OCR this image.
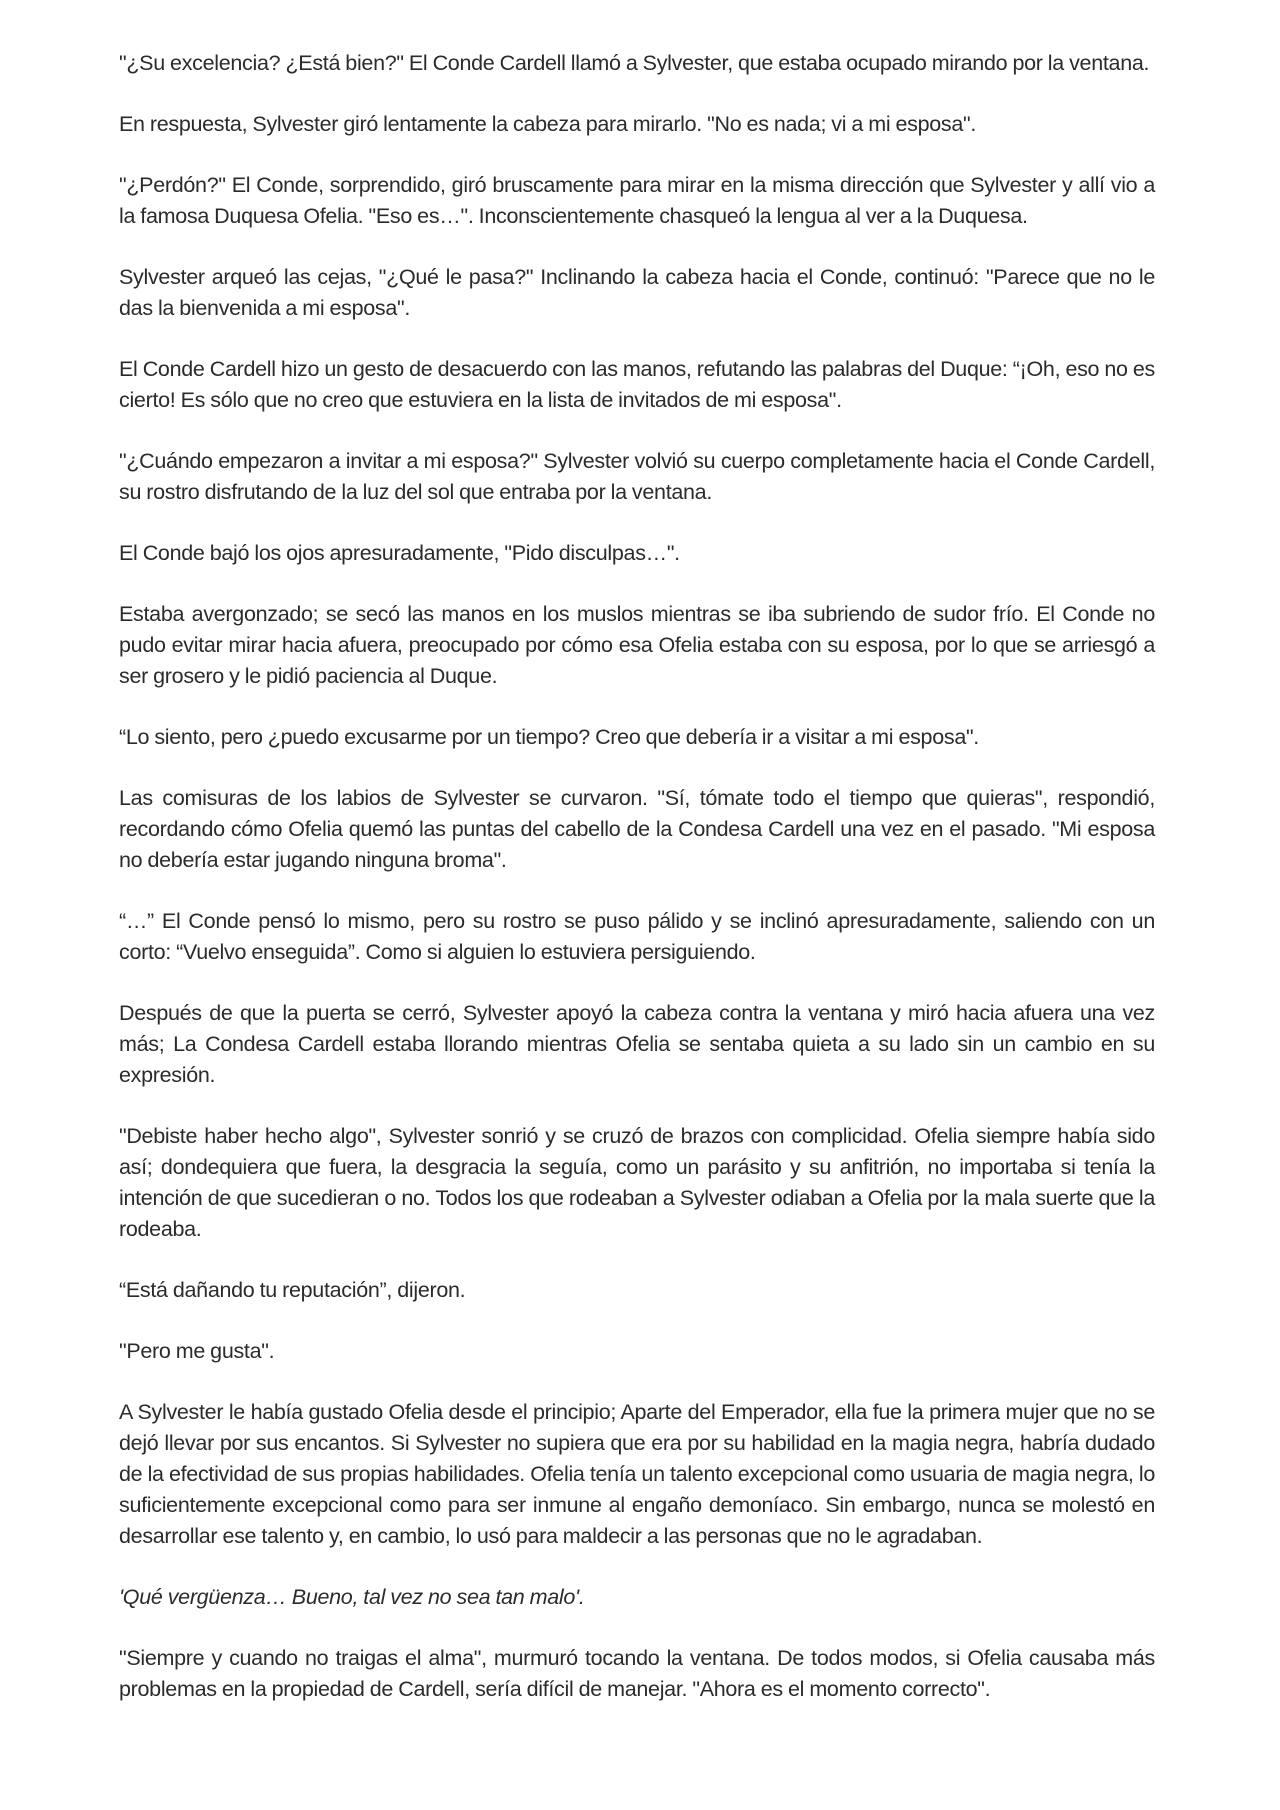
"¿Su excelencia? ¿Está bien?" El Conde Cardell llamó a Sylvester, que estaba ocupado mirando por la ventana.

En respuesta, Sylvester giró lentamente la cabeza para mirarlo. "No es nada; vi a mi esposa".

"¿Perdón?" El Conde, sorprendido, giró bruscamente para mirar en la misma dirección que Sylvester y allí vio a la famosa Duquesa Ofelia. "Eso es…". Inconscientemente chasqueó la lengua al ver a la Duquesa.

Sylvester arqueó las cejas, "¿Qué le pasa?" Inclinando la cabeza hacia el Conde, continuó: "Parece que no le das la bienvenida a mi esposa".

El Conde Cardell hizo un gesto de desacuerdo con las manos, refutando las palabras del Duque: “¡Oh, eso no es cierto! Es sólo que no creo que estuviera en la lista de invitados de mi esposa".

"¿Cuándo empezaron a invitar a mi esposa?" Sylvester volvió su cuerpo completamente hacia el Conde Cardell, su rostro disfrutando de la luz del sol que entraba por la ventana.

El Conde bajó los ojos apresuradamente, "Pido disculpas…".

Estaba avergonzado; se secó las manos en los muslos mientras se iba subriendo de sudor frío. El Conde no pudo evitar mirar hacia afuera, preocupado por cómo esa Ofelia estaba con su esposa, por lo que se arriesgó a ser grosero y le pidió paciencia al Duque.

“Lo siento, pero ¿puedo excusarme por un tiempo? Creo que debería ir a visitar a mi esposa".

Las comisuras de los labios de Sylvester se curvaron. "Sí, tómate todo el tiempo que quieras", respondió, recordando cómo Ofelia quemó las puntas del cabello de la Condesa Cardell una vez en el pasado. "Mi esposa no debería estar jugando ninguna broma".

“…” El Conde pensó lo mismo, pero su rostro se puso pálido y se inclinó apresuradamente, saliendo con un corto: “Vuelvo enseguida”. Como si alguien lo estuviera persiguiendo.

Después de que la puerta se cerró, Sylvester apoyó la cabeza contra la ventana y miró hacia afuera una vez más; La Condesa Cardell estaba llorando mientras Ofelia se sentaba quieta a su lado sin un cambio en su expresión.

"Debiste haber hecho algo", Sylvester sonrió y se cruzó de brazos con complicidad. Ofelia siempre había sido así; dondequiera que fuera, la desgracia la seguía, como un parásito y su anfitrión, no importaba si tenía la intención de que sucedieran o no. Todos los que rodeaban a Sylvester odiaban a Ofelia por la mala suerte que la rodeaba.

“Está dañando tu reputación”, dijeron.

"Pero me gusta".

A Sylvester le había gustado Ofelia desde el principio; Aparte del Emperador, ella fue la primera mujer que no se dejó llevar por sus encantos. Si Sylvester no supiera que era por su habilidad en la magia negra, habría dudado de la efectividad de sus propias habilidades. Ofelia tenía un talento excepcional como usuaria de magia negra, lo suficientemente excepcional como para ser inmune al engaño demoníaco. Sin embargo, nunca se molestó en desarrollar ese talento y, en cambio, lo usó para maldecir a las personas que no le agradaban.

'Qué vergüenza… Bueno, tal vez no sea tan malo'.

"Siempre y cuando no traigas el alma", murmuró tocando la ventana. De todos modos, si Ofelia causaba más problemas en la propiedad de Cardell, sería difícil de manejar. "Ahora es el momento correcto".
